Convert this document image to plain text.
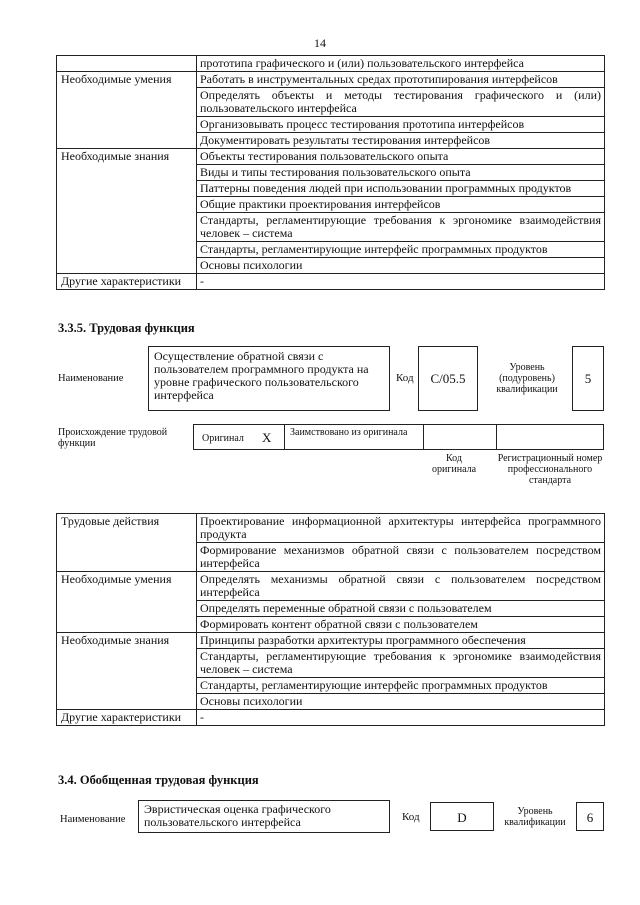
14
	прототипа графического и (или) пользовательского интерфейса
Необходимые умения	Работать в инструментальных средах прототипирования интерфейсов
	Определять объекты и методы тестирования графического и (или) пользовательского интерфейса
	Организовывать процесс тестирования прототипа интерфейсов
	Документировать результаты тестирования интерфейсов
Необходимые знания	Объекты тестирования пользовательского опыта
	Виды и типы тестирования пользовательского опыта
	Паттерны поведения людей при использовании программных продуктов
	Общие практики проектирования интерфейсов
	Стандарты, регламентирующие требования к эргономике взаимодействия человек – система
	Стандарты, регламентирующие интерфейс программных продуктов
	Основы психологии
Другие характеристики	-
3.3.5. Трудовая функция
Наименование
Осуществление обратной связи с пользователем программного продукта на уровне графического пользовательского интерфейса
Код	C/05.5
Уровень (подуровень) квалификации
5
Происхождение трудовой функции	Оригинал X Заимствовано из оригинала
Код оригинала
Регистрационный номер профессионального стандарта
Трудовые действия	Проектирование информационной архитектуры интерфейса программного продукта
	Формирование механизмов обратной связи с пользователем посредством интерфейса
Необходимые умения	Определять механизмы обратной связи с пользователем посредством интерфейса
	Определять переменные обратной связи с пользователем
	Формировать контент обратной связи с пользователем
Необходимые знания	Принципы разработки архитектуры программного обеспечения
	Стандарты, регламентирующие требования к эргономике взаимодействия человек – система
	Стандарты, регламентирующие интерфейс программных продуктов
	Основы психологии
Другие характеристики	-
3.4. Обобщенная трудовая функция
Наименование
Эвристическая оценка графического пользовательского интерфейса	Код	D	Уровень квалификации	6
